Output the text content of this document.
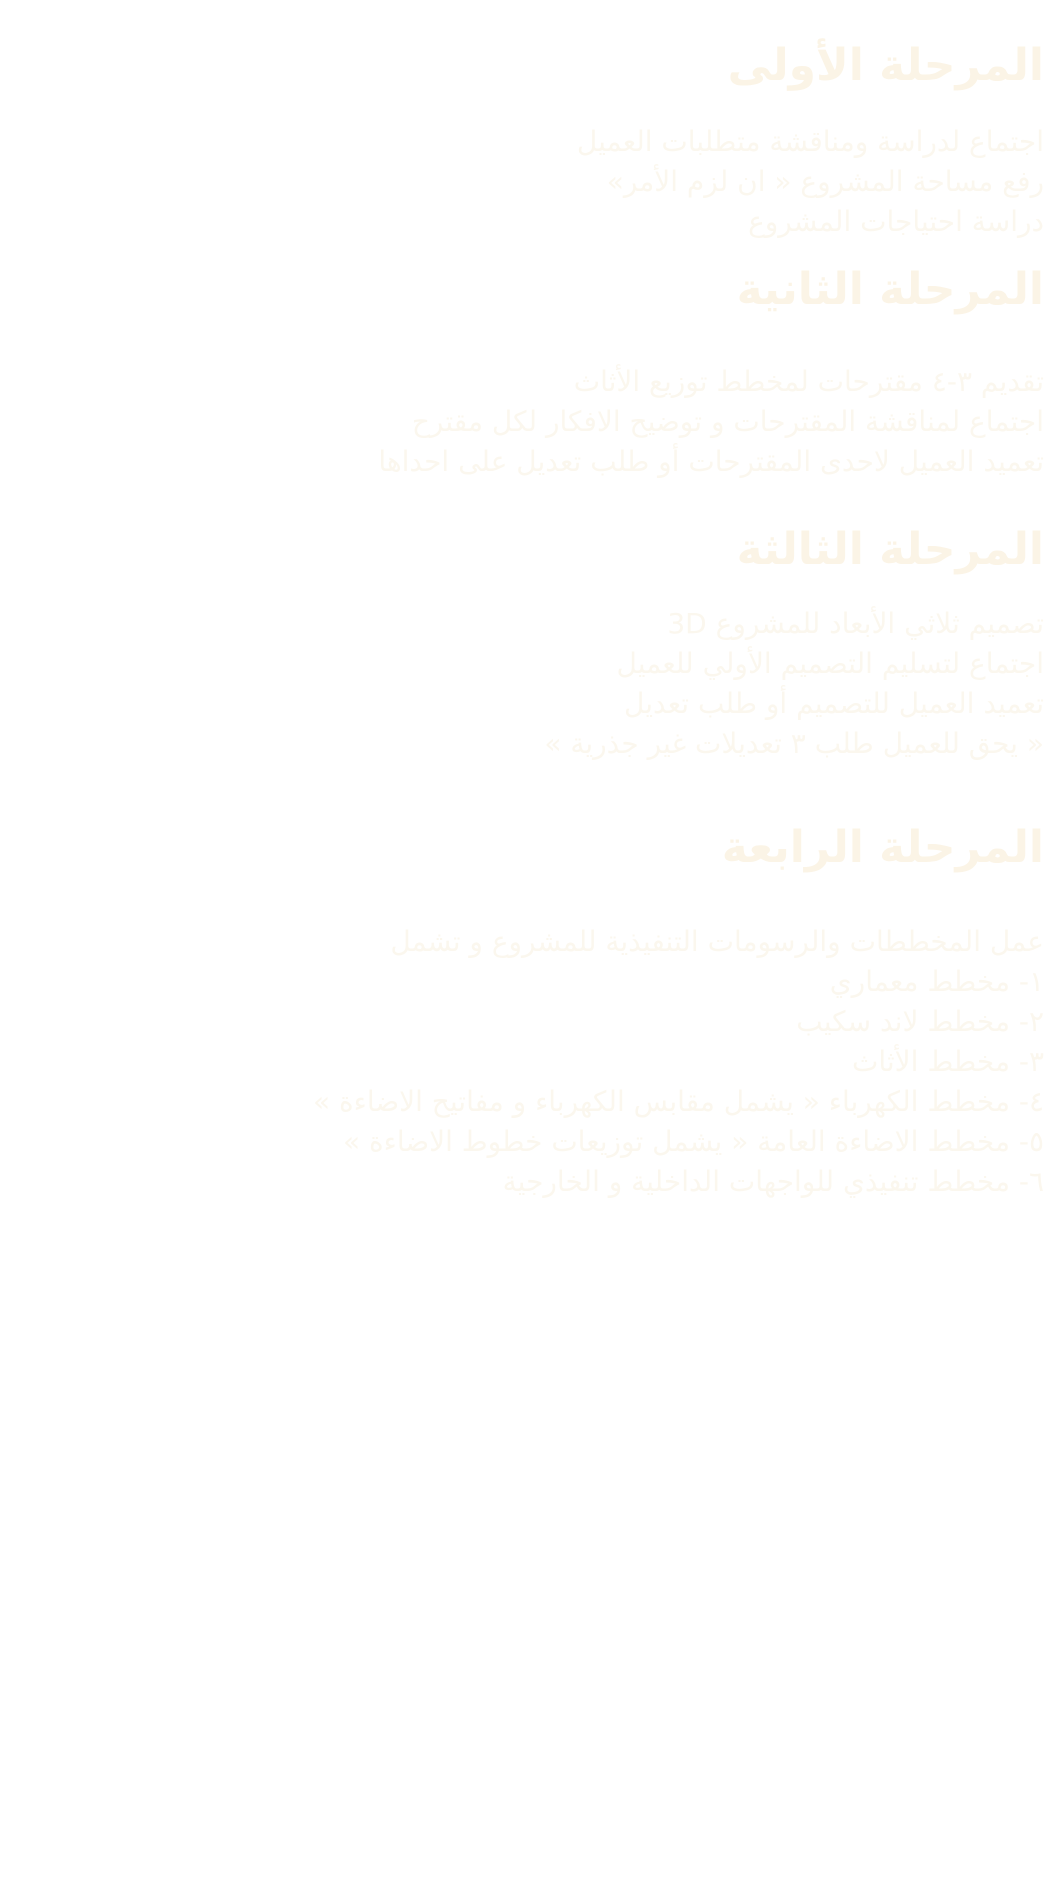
المرحلة الأولى
اجتماع لدراسة ومناقشة متطلبات العميل
رفع مساحة المشروع « ان لزم الأمر»
دراسة احتياجات المشروع
المرحلة الثانية
تقديم ٣-٤ مقترحات لمخطط توزيع الأثاث
اجتماع لمناقشة المقترحات و توضيح الافكار لكل مقترح
تعميد العميل لاحدى المقترحات أو طلب تعديل على احداها
المرحلة الثالثة
تصميم ثلاثي الأبعاد للمشروع 3D
اجتماع لتسليم التصميم الأولي للعميل
تعميد العميل للتصميم أو طلب تعديل
« يحق للعميل طلب ٣ تعديلات غير جذرية »
المرحلة الرابعة
عمل المخططات والرسومات التنفيذية للمشروع و تشمل
١- مخطط معماري
٢- مخطط لاند سكيب
٣- مخطط الأثاث
٤- مخطط الكهرباء « يشمل مقابس الكهرباء و مفاتيح الاضاءة »
٥- مخطط الاضاءة العامة « يشمل توزيعات خطوط الاضاءة »
٦- مخطط تنفيذي للواجهات الداخلية و الخارجية
